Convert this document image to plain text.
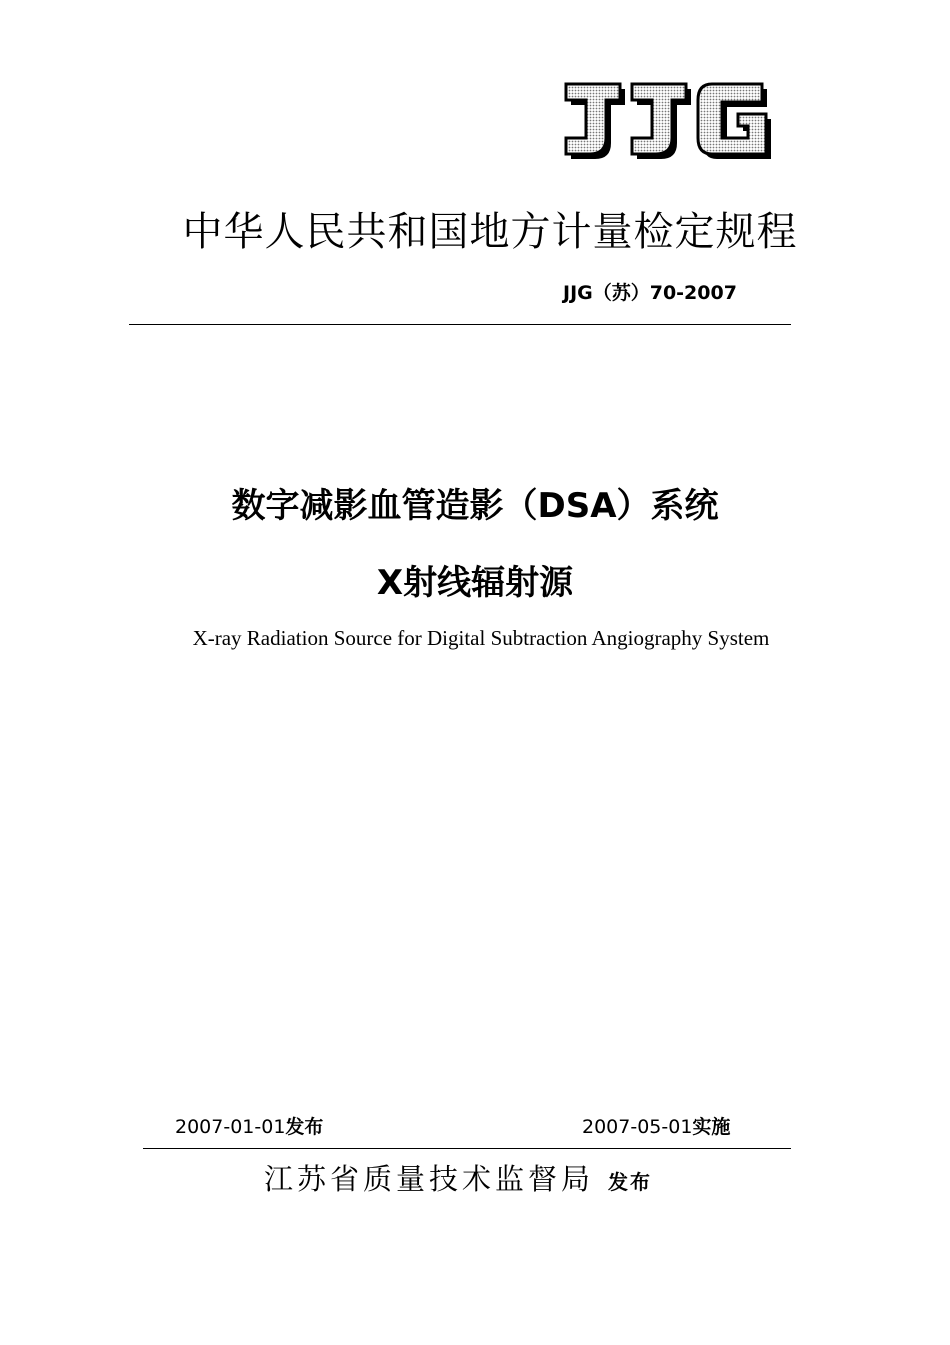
中华人民共和国地方计量检定规程
JJG（苏）70-2007
数字减影血管造影（DSA）系统
X射线辐射源
X-ray Radiation Source for Digital Subtraction Angiography System
2007-01-01发布	2007-05-01实施
江苏省质量技术监督局 发布
